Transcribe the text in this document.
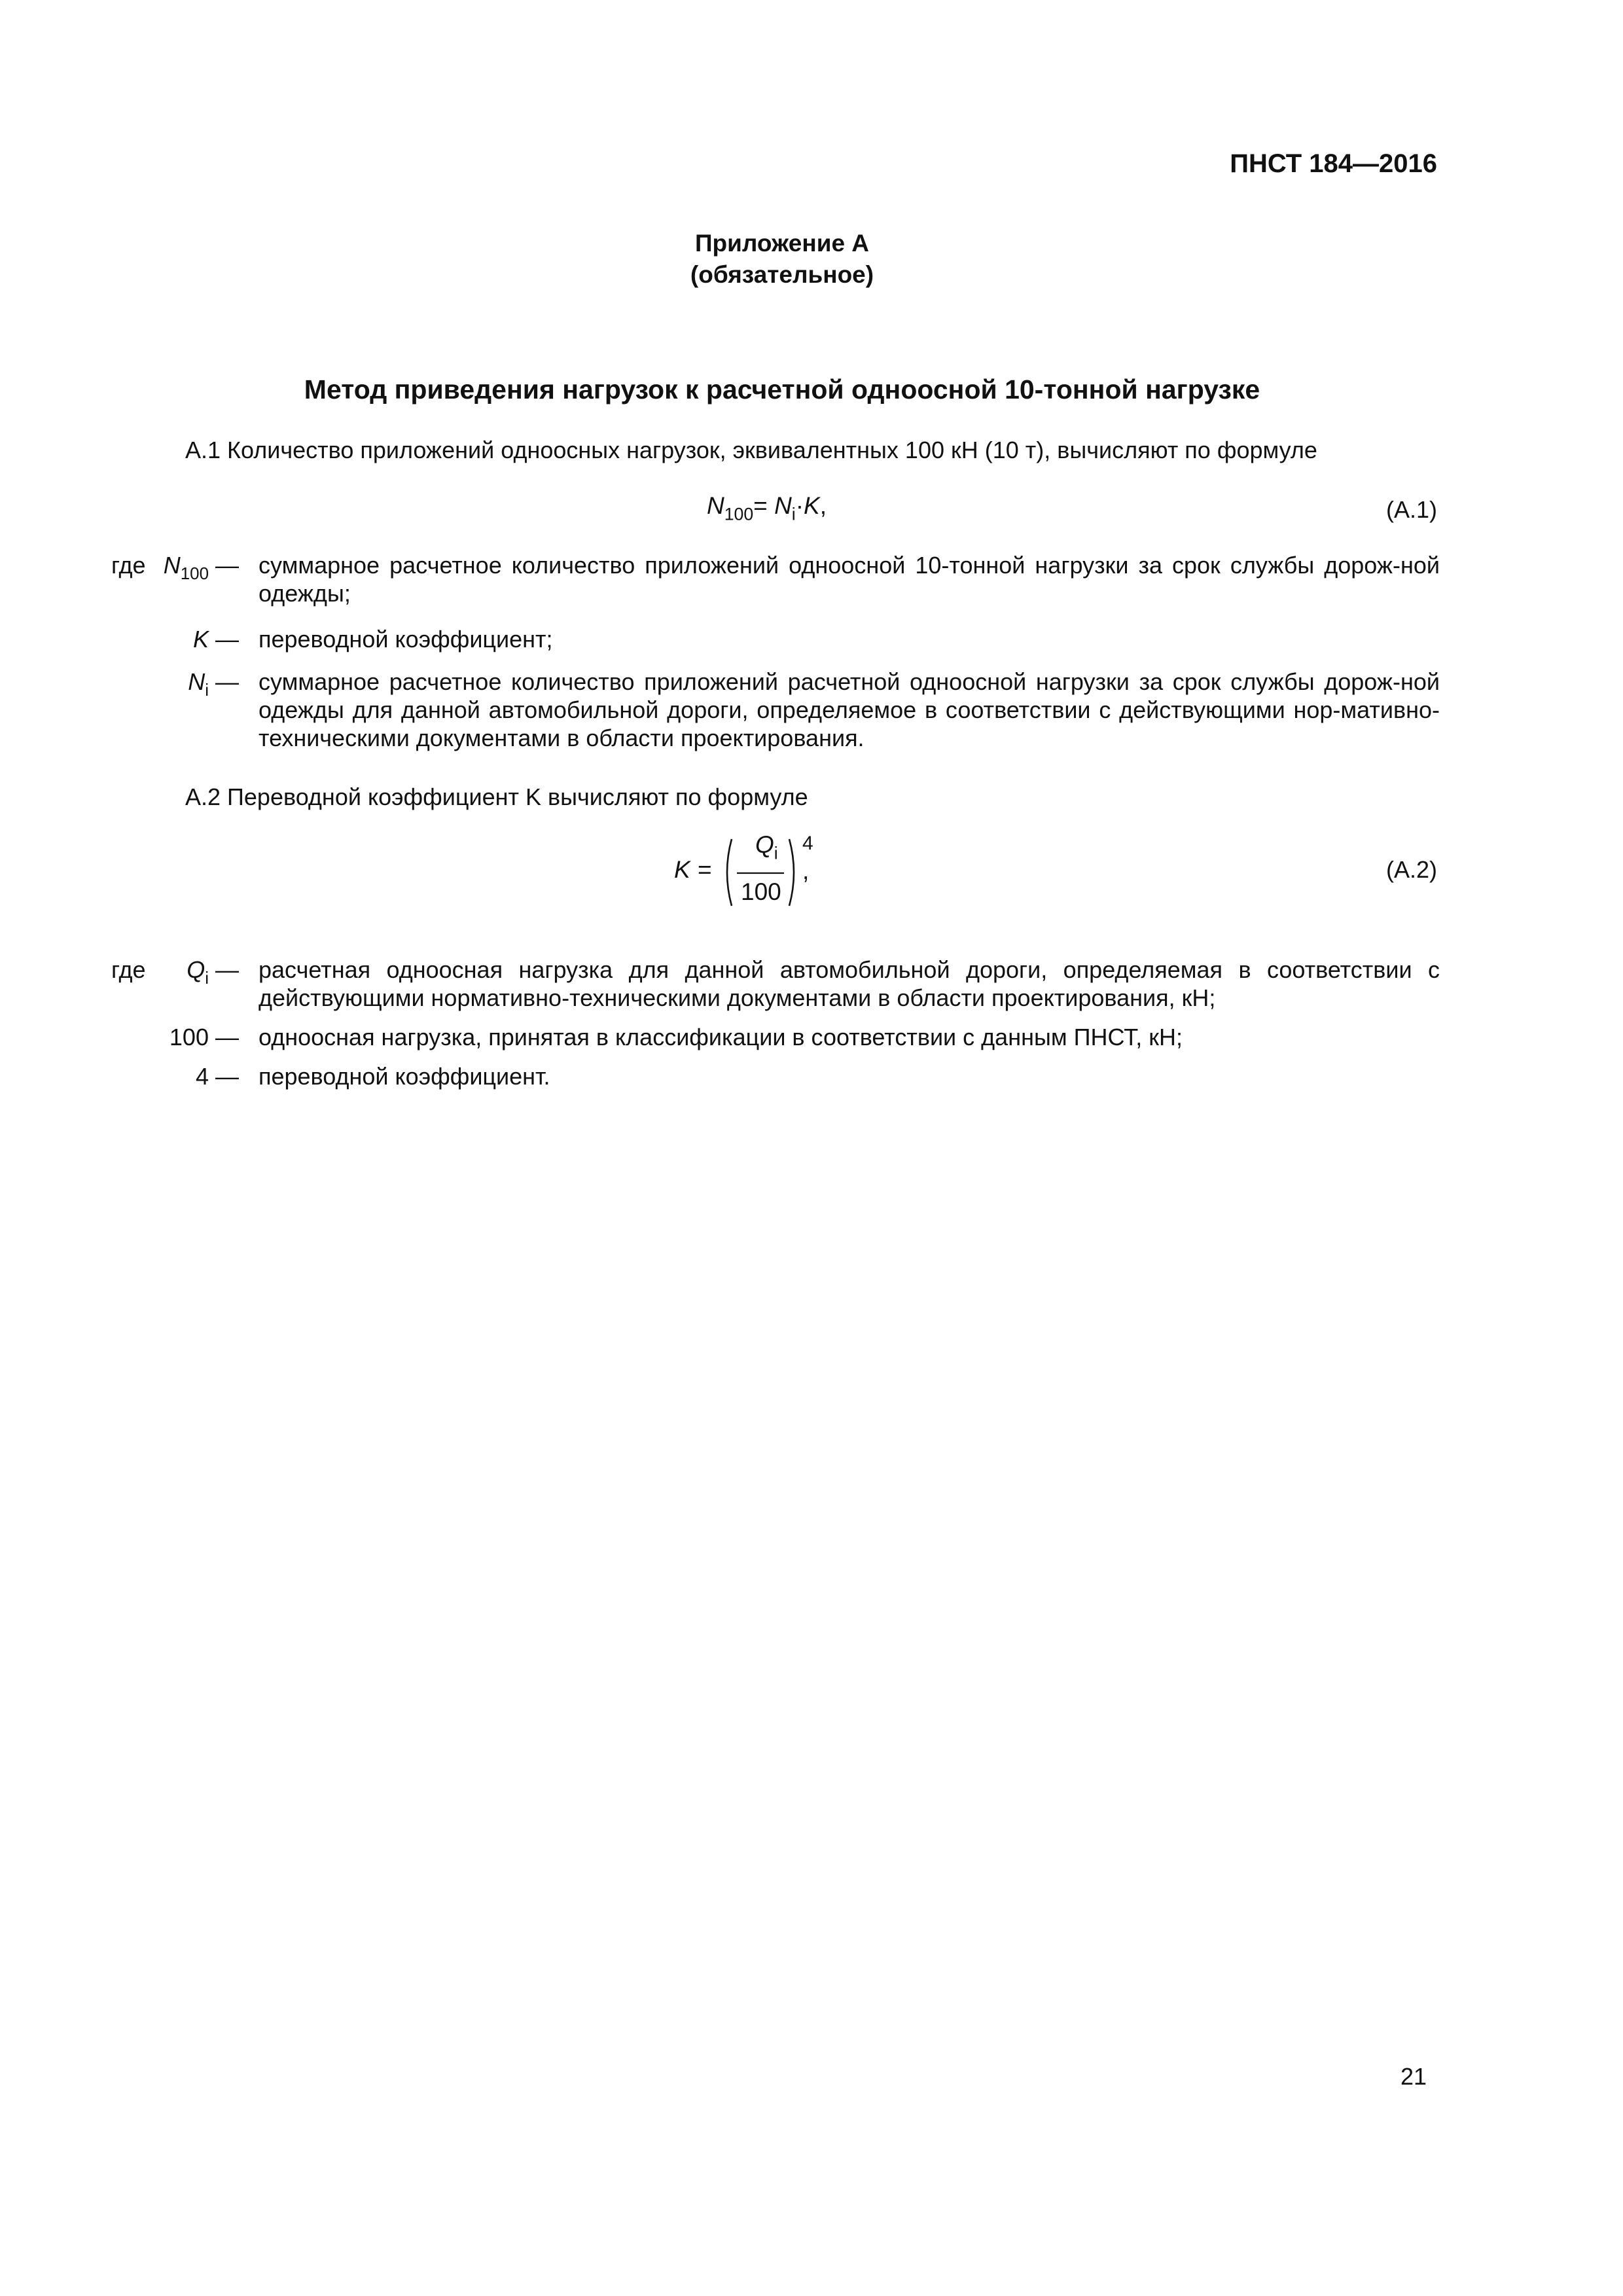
ПНСТ 184—2016
Приложение А
(обязательное)
Метод приведения нагрузок к расчетной одноосной 10-тонной нагрузке
А.1 Количество приложений одноосных нагрузок, эквивалентных 100 кН (10 т), вычисляют по формуле
$N_{100}= N_i\cdot K$,	(А.1)
где $N_{100}$ — суммарное расчетное количество приложений одноосной 10-тонной нагрузки за срок службы дорож-ной одежды;
K — переводной коэффициент;
$N_i$ — суммарное расчетное количество приложений расчетной одноосной нагрузки за срок службы дорож-ной одежды для данной автомобильной дороги, определяемое в соответствии с действующими нор-мативно-техническими документами в области проектирования.
А.2 Переводной коэффициент K вычисляют по формуле
K =
$Q_i$
100
4
,	(А.2)
где $Q_i$ — расчетная одноосная нагрузка для данной автомобильной дороги, определяемая в соответствии с действующими нормативно-техническими документами в области проектирования, кН;
100 — одноосная нагрузка, принятая в классификации в соответствии с данным ПНСТ, кН;
4 — переводной коэффициент.
21
